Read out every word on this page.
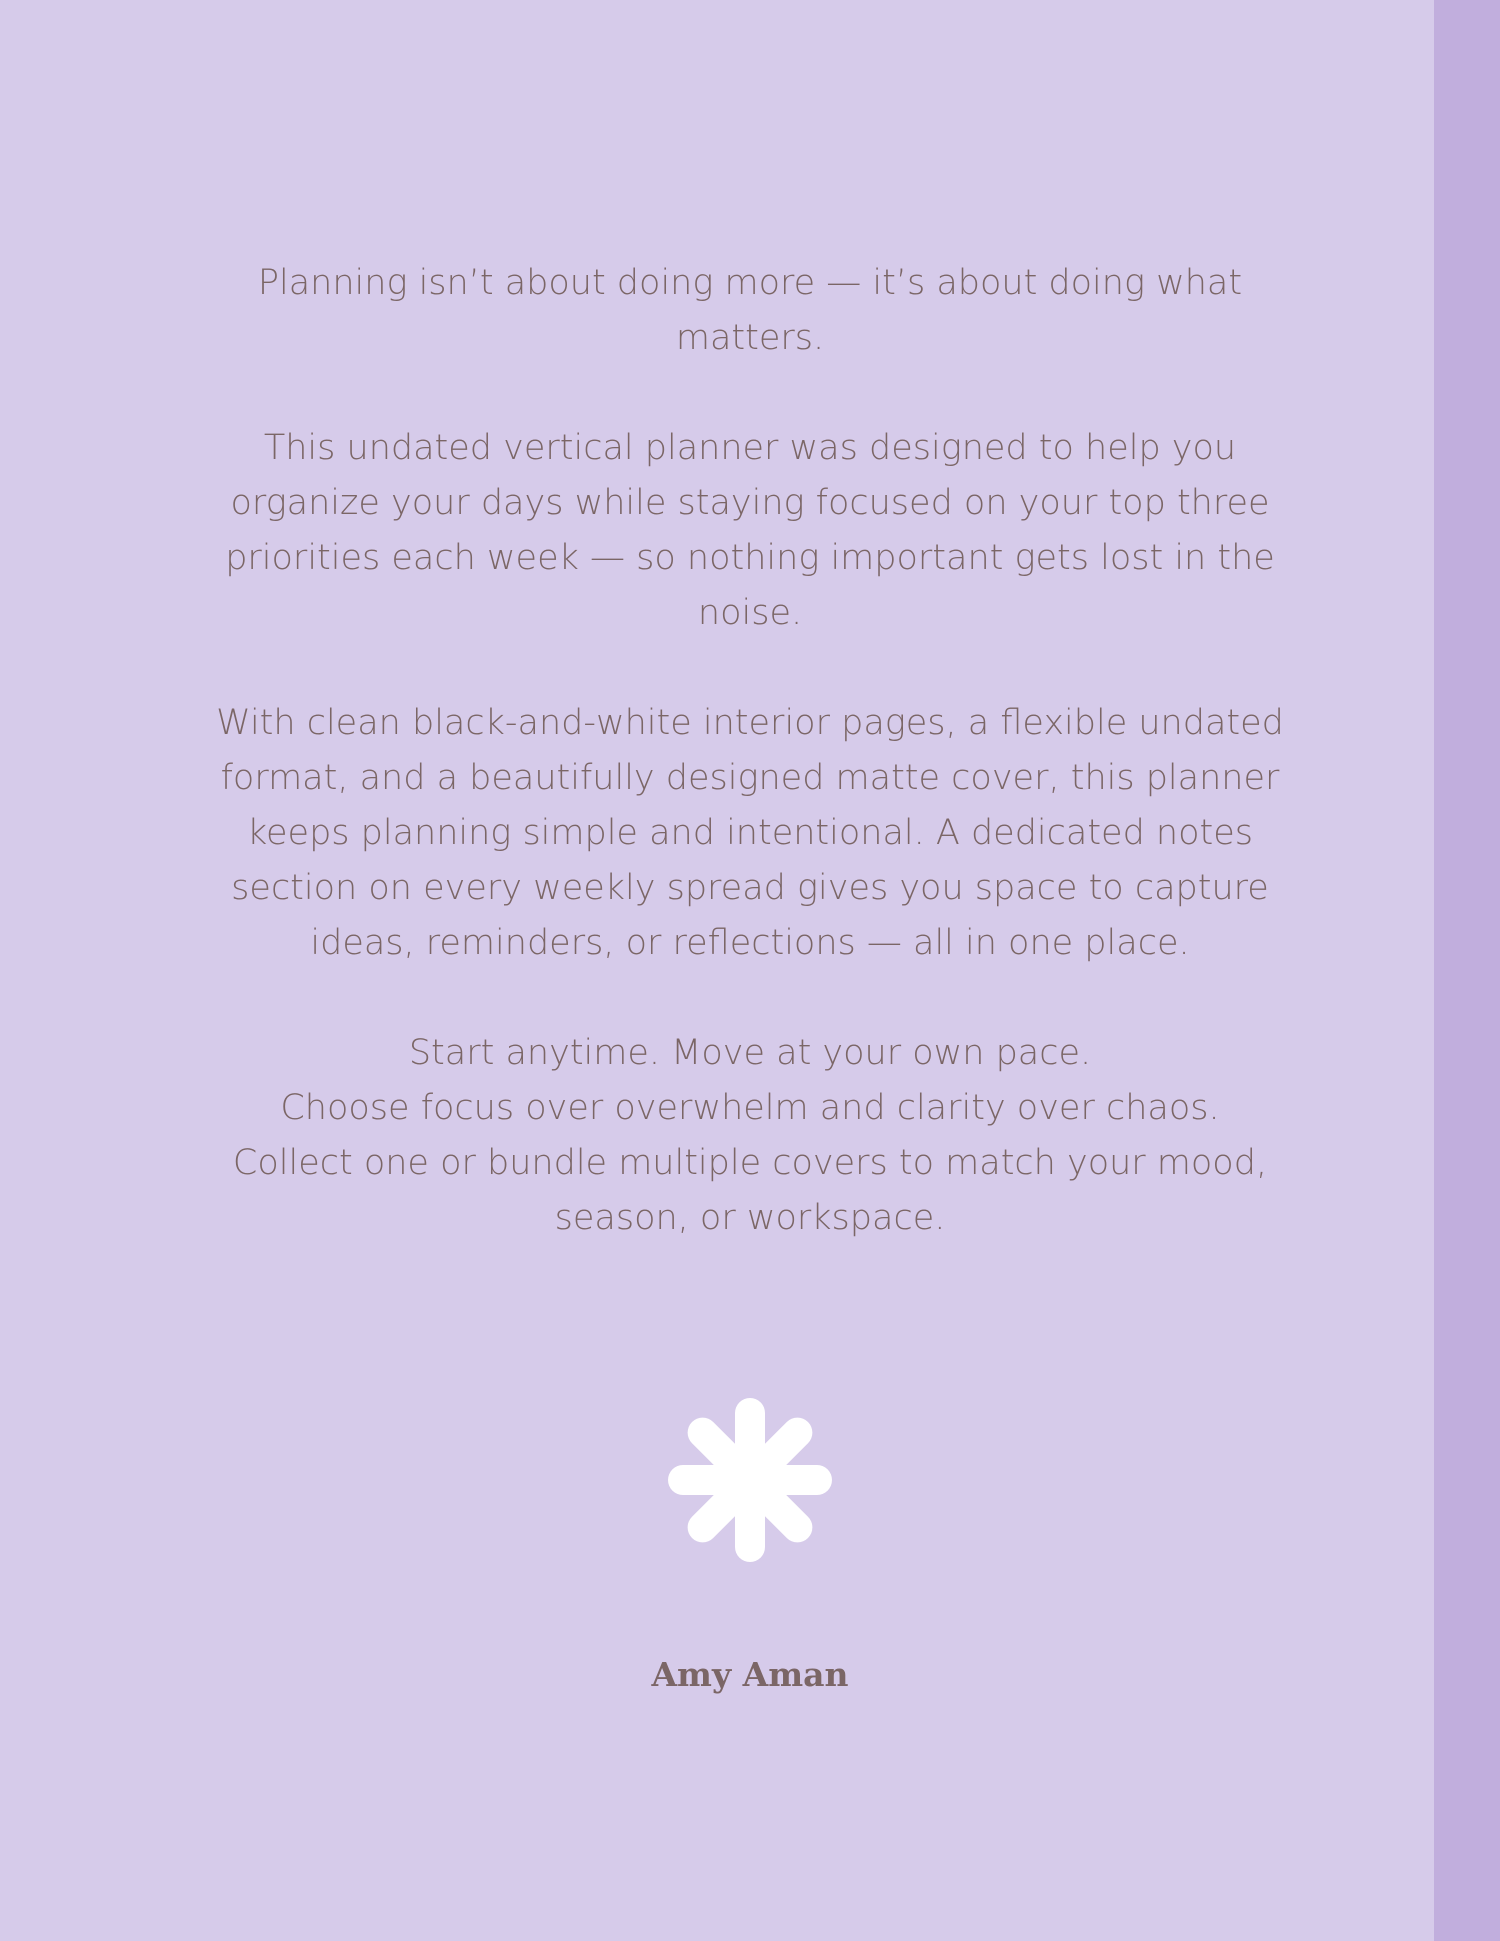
Planning isn’t about doing more — it’s about doing what
matters.

This undated vertical planner was designed to help you
organize your days while staying focused on your top three
priorities each week — so nothing important gets lost in the
noise.

With clean black-and-white interior pages, a flexible undated
format, and a beautifully designed matte cover, this planner
keeps planning simple and intentional. A dedicated notes
section on every weekly spread gives you space to capture
ideas, reminders, or reflections — all in one place.

Start anytime. Move at your own pace.
Choose focus over overwhelm and clarity over chaos.
Collect one or bundle multiple covers to match your mood,
season, or workspace.

Amy Aman
